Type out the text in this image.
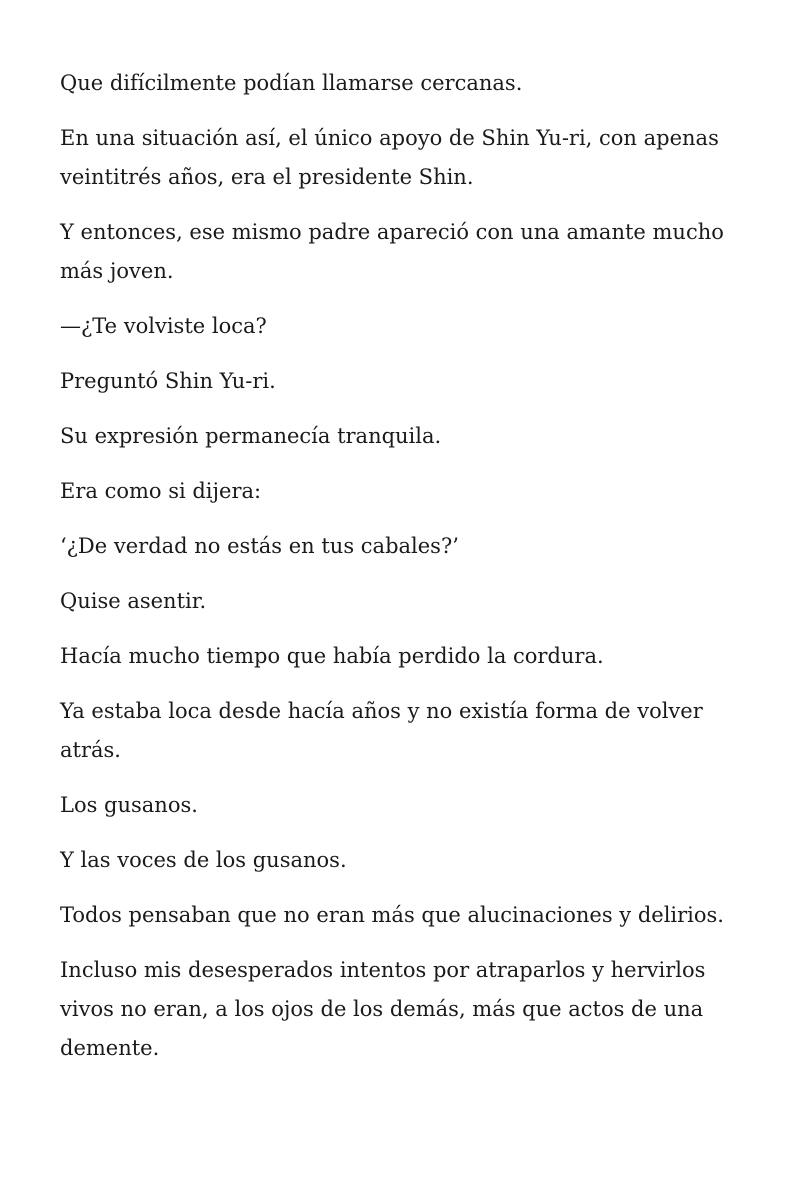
Que difícilmente podían llamarse cercanas.

En una situación así, el único apoyo de Shin Yu-ri, con apenas veintitrés años, era el presidente Shin.

Y entonces, ese mismo padre apareció con una amante mucho más joven.

—¿Te volviste loca?

Preguntó Shin Yu-ri.

Su expresión permanecía tranquila.

Era como si dijera:

‘¿De verdad no estás en tus cabales?’

Quise asentir.

Hacía mucho tiempo que había perdido la cordura.

Ya estaba loca desde hacía años y no existía forma de volver atrás.

Los gusanos.

Y las voces de los gusanos.

Todos pensaban que no eran más que alucinaciones y delirios.

Incluso mis desesperados intentos por atraparlos y hervirlos vivos no eran, a los ojos de los demás, más que actos de una demente.
